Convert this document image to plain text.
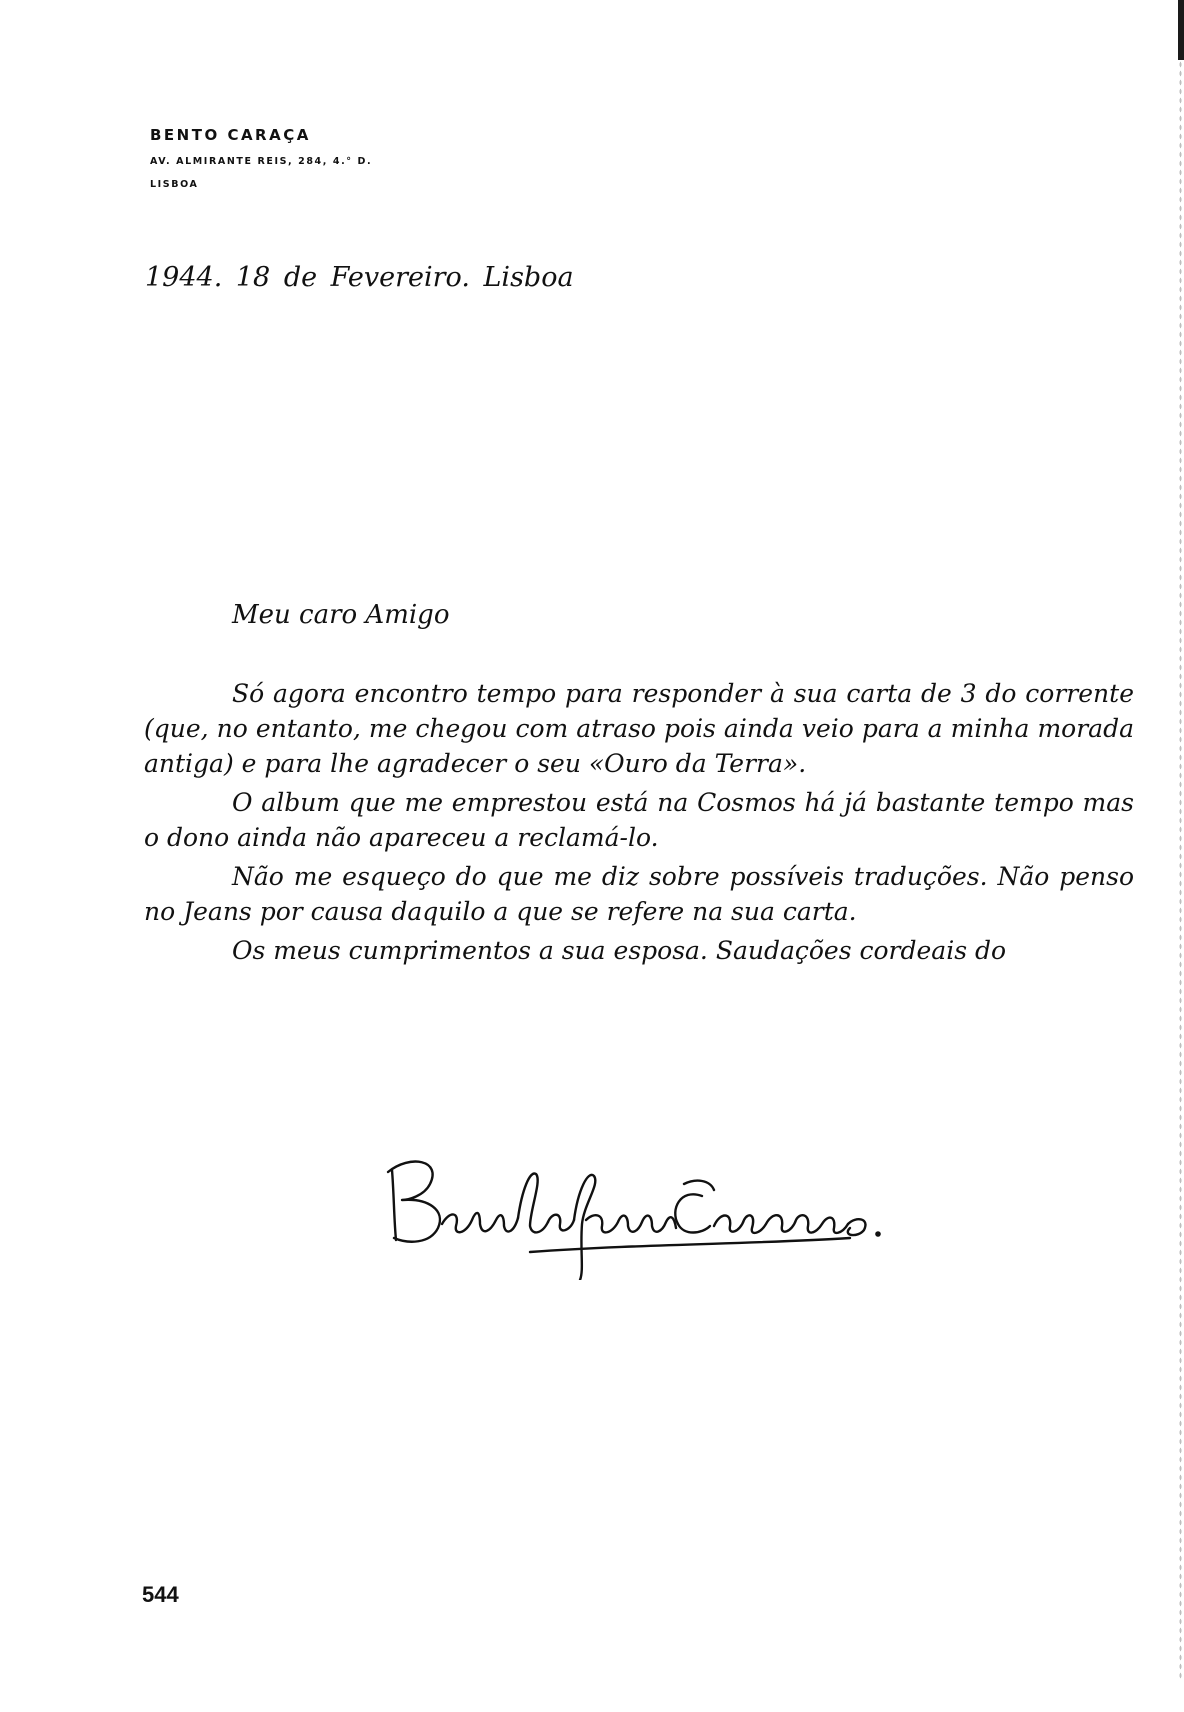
BENTO CARAÇA
AV. ALMIRANTE REIS, 284, 4.° D.
LISBOA
1944. 18 de Fevereiro. Lisboa
Meu caro Amigo

Só agora encontro tempo para responder à sua carta de 3 do corrente (que, no entanto, me chegou com atraso pois ainda veio para a minha morada antiga) e para lhe agradecer o seu «Ouro da Terra».

O album que me emprestou está na Cosmos há já bastante tempo mas o dono ainda não apareceu a reclamá-lo.

Não me esqueço do que me diz sobre possíveis traduções. Não penso no Jeans por causa daquilo a que se refere na sua carta.

Os meus cumprimentos a sua esposa. Saudações cordeais do

544
